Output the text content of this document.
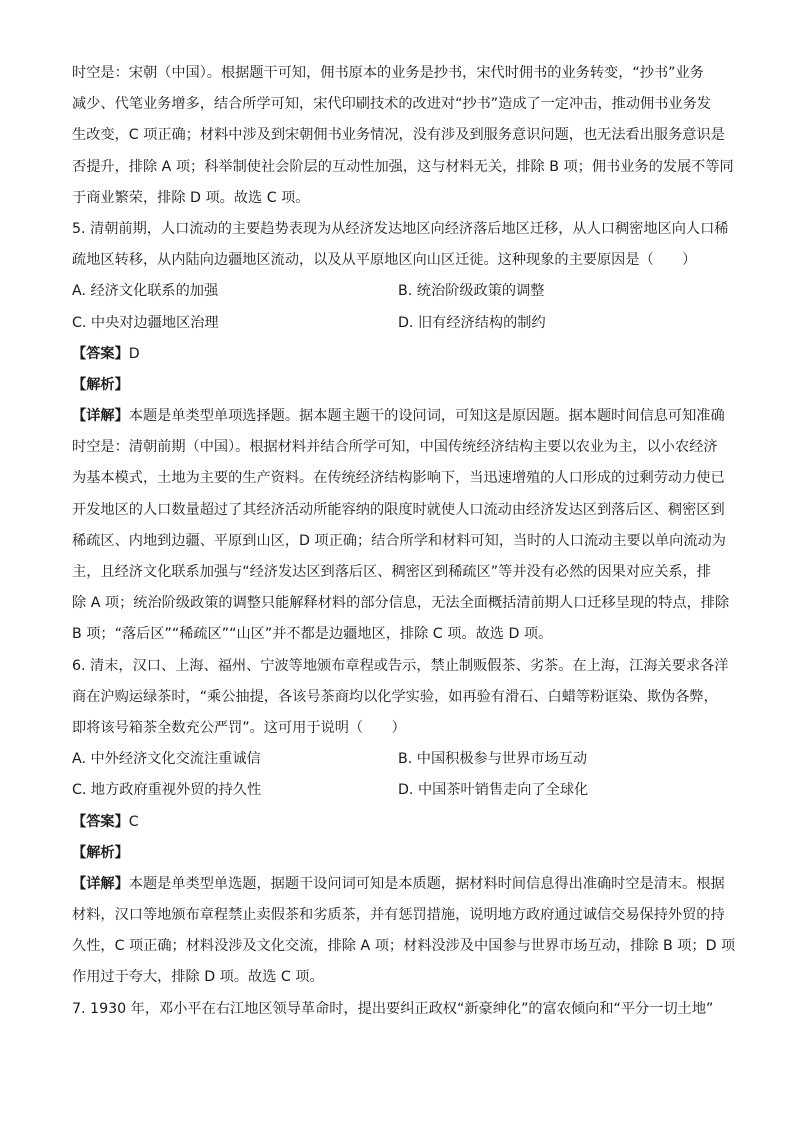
时空是：宋朝（中国）。根据题干可知，佣书原本的业务是抄书，宋代时佣书的业务转变，“抄书”业务
减少、代笔业务增多，结合所学可知，宋代印刷技术的改进对“抄书”造成了一定冲击，推动佣书业务发
生改变，C 项正确；材料中涉及到宋朝佣书业务情况，没有涉及到服务意识问题，也无法看出服务意识是
否提升，排除 A 项；科举制使社会阶层的互动性加强，这与材料无关，排除 B 项；佣书业务的发展不等同
于商业繁荣，排除 D 项。故选 C 项。
5. 清朝前期，人口流动的主要趋势表现为从经济发达地区向经济落后地区迁移，从人口稠密地区向人口稀
疏地区转移，从内陆向边疆地区流动，以及从平原地区向山区迁徙。这种现象的主要原因是（　　）
A. 经济文化联系的加强	B. 统治阶级政策的调整
C. 中央对边疆地区治理	D. 旧有经济结构的制约
【答案】D
【解析】
【详解】本题是单类型单项选择题。据本题主题干的设问词，可知这是原因题。据本题时间信息可知准确
时空是：清朝前期（中国）。根据材料并结合所学可知，中国传统经济结构主要以农业为主，以小农经济
为基本模式，土地为主要的生产资料。在传统经济结构影响下，当迅速增殖的人口形成的过剩劳动力使已
开发地区的人口数量超过了其经济活动所能容纳的限度时就使人口流动由经济发达区到落后区、稠密区到
稀疏区、内地到边疆、平原到山区，D 项正确；结合所学和材料可知，当时的人口流动主要以单向流动为
主，且经济文化联系加强与“经济发达区到落后区、稠密区到稀疏区”等并没有必然的因果对应关系，排
除 A 项；统治阶级政策的调整只能解释材料的部分信息，无法全面概括清前期人口迁移呈现的特点，排除
B 项；“落后区”“稀疏区”“山区”并不都是边疆地区，排除 C 项。故选 D 项。
6. 清末，汉口、上海、福州、宁波等地颁布章程或告示，禁止制贩假茶、劣茶。在上海，江海关要求各洋
商在沪购运绿茶时，“乘公抽提，各该号茶商均以化学实验，如再验有滑石、白蜡等粉诓染、欺伪各弊，
即将该号箱茶全数充公严罚”。这可用于说明（　　）
A. 中外经济文化交流注重诚信	B. 中国积极参与世界市场互动
C. 地方政府重视外贸的持久性	D. 中国茶叶销售走向了全球化
【答案】C
【解析】
【详解】本题是单类型单选题，据题干设问词可知是本质题，据材料时间信息得出准确时空是清末。根据
材料，汉口等地颁布章程禁止卖假茶和劣质茶，并有惩罚措施，说明地方政府通过诚信交易保持外贸的持
久性，C 项正确；材料没涉及文化交流，排除 A 项；材料没涉及中国参与世界市场互动，排除 B 项；D 项
作用过于夸大，排除 D 项。故选 C 项。
7. 1930 年，邓小平在右江地区领导革命时，提出要纠正政权“新豪绅化”的富农倾向和“平分一切土地”
